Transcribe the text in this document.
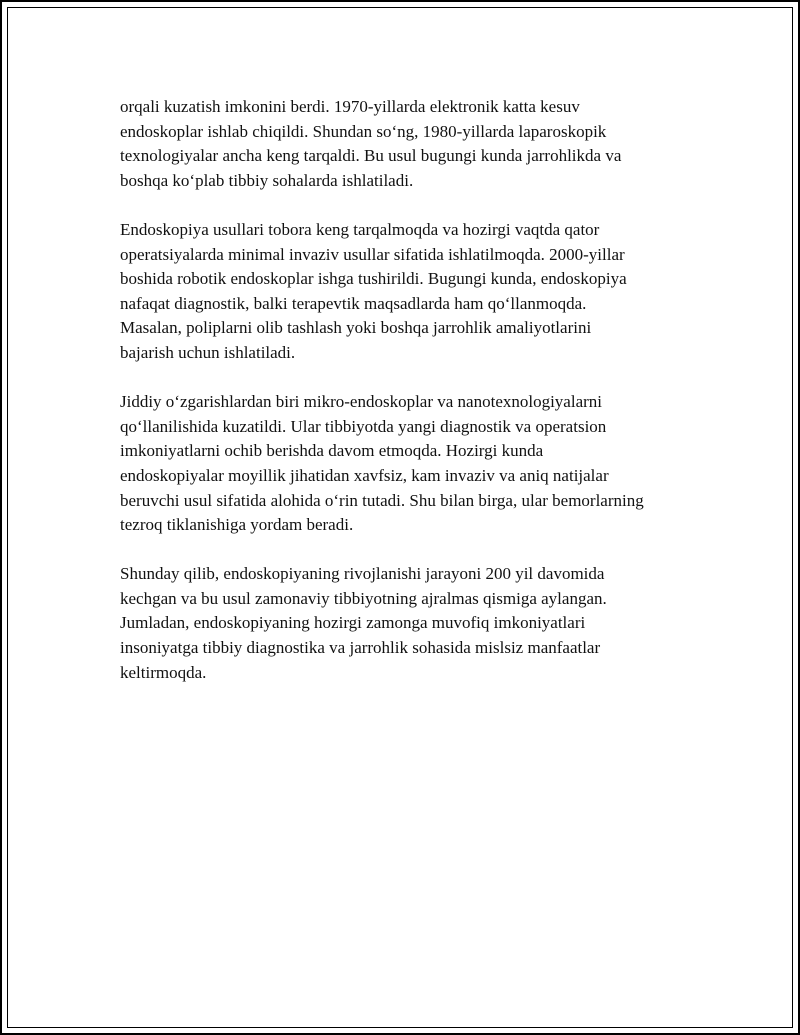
orqali kuzatish imkonini berdi. 1970-yillarda elektronik katta kesuv
endoskoplar ishlab chiqildi. Shundan so‘ng, 1980-yillarda laparoskopik
texnologiyalar ancha keng tarqaldi. Bu usul bugungi kunda jarrohlikda va
boshqa ko‘plab tibbiy sohalarda ishlatiladi.

Endoskopiya usullari tobora keng tarqalmoqda va hozirgi vaqtda qator
operatsiyalarda minimal invaziv usullar sifatida ishlatilmoqda. 2000-yillar
boshida robotik endoskoplar ishga tushirildi. Bugungi kunda, endoskopiya
nafaqat diagnostik, balki terapevtik maqsadlarda ham qo‘llanmoqda.
Masalan, poliplarni olib tashlash yoki boshqa jarrohlik amaliyotlarini
bajarish uchun ishlatiladi.

Jiddiy o‘zgarishlardan biri mikro-endoskoplar va nanotexnologiyalarni
qo‘llanilishida kuzatildi. Ular tibbiyotda yangi diagnostik va operatsion
imkoniyatlarni ochib berishda davom etmoqda. Hozirgi kunda
endoskopiyalar moyillik jihatidan xavfsiz, kam invaziv va aniq natijalar
beruvchi usul sifatida alohida o‘rin tutadi. Shu bilan birga, ular bemorlarning
tezroq tiklanishiga yordam beradi.

Shunday qilib, endoskopiyaning rivojlanishi jarayoni 200 yil davomida
kechgan va bu usul zamonaviy tibbiyotning ajralmas qismiga aylangan.
Jumladan, endoskopiyaning hozirgi zamonga muvofiq imkoniyatlari
insoniyatga tibbiy diagnostika va jarrohlik sohasida mislsiz manfaatlar
keltirmoqda.
